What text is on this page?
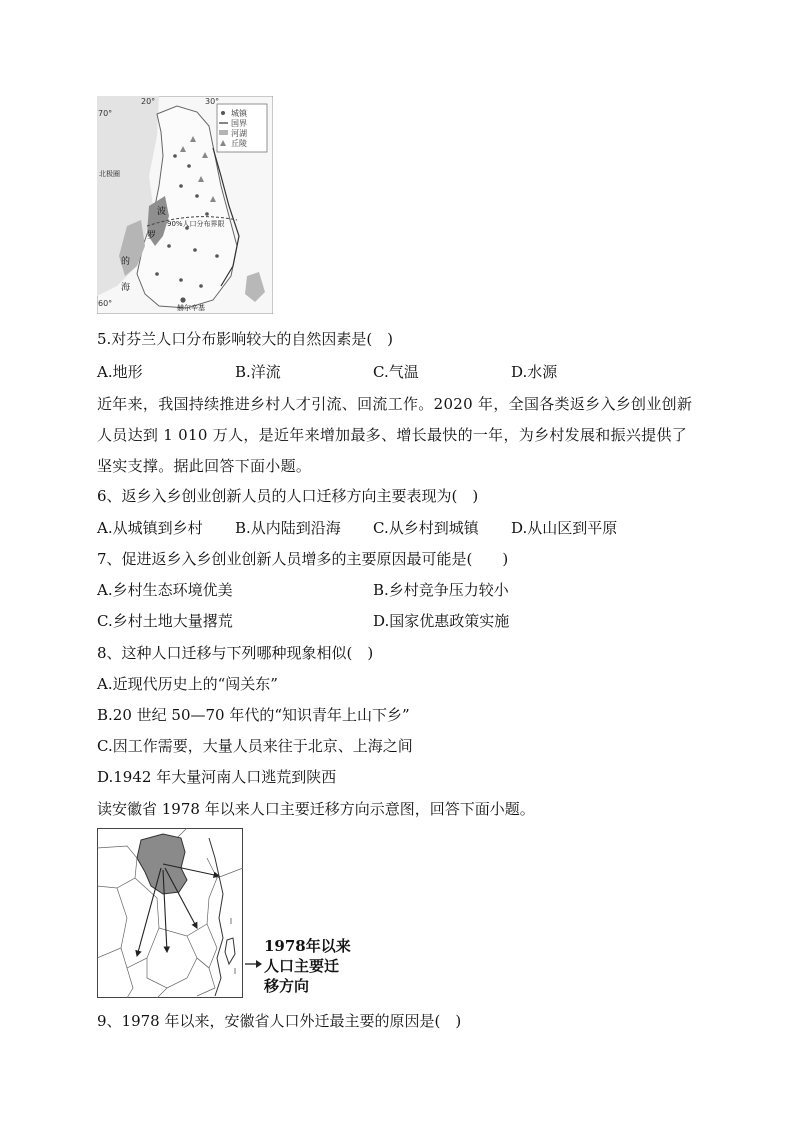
城镇
国界
河湖
丘陵
20°	30°
70°
60°
北极圈
波
罗
的
海
90%人口分布界限
赫尔辛基
5.对芬兰人口分布影响较大的自然因素是(　)
A.地形	B.洋流	C.气温	D.水源
近年来，我国持续推进乡村人才引流、回流工作。2020 年，全国各类返乡入乡创业创新人员达到 1 010 万人，是近年来增加最多、增长最快的一年，为乡村发展和振兴提供了坚实支撑。据此回答下面小题。
6、返乡入乡创业创新人员的人口迁移方向主要表现为(　)
A.从城镇到乡村 B.从内陆到沿海 C.从乡村到城镇 D.从山区到平原
7、促进返乡入乡创业创新人员增多的主要原因最可能是(　　)
A.乡村生态环境优美	B.乡村竞争压力较小
C.乡村土地大量撂荒	D.国家优惠政策实施
8、这种人口迁移与下列哪种现象相似(　)
A.近现代历史上的“闯关东”
B.20 世纪 50—70 年代的“知识青年上山下乡”
C.因工作需要，大量人员来往于北京、上海之间
D.1942 年大量河南人口逃荒到陕西
读安徽省 1978 年以来人口主要迁移方向示意图，回答下面小题。
1978年以来
人口主要迁
移方向
9、1978 年以来，安徽省人口外迁最主要的原因是(　)
